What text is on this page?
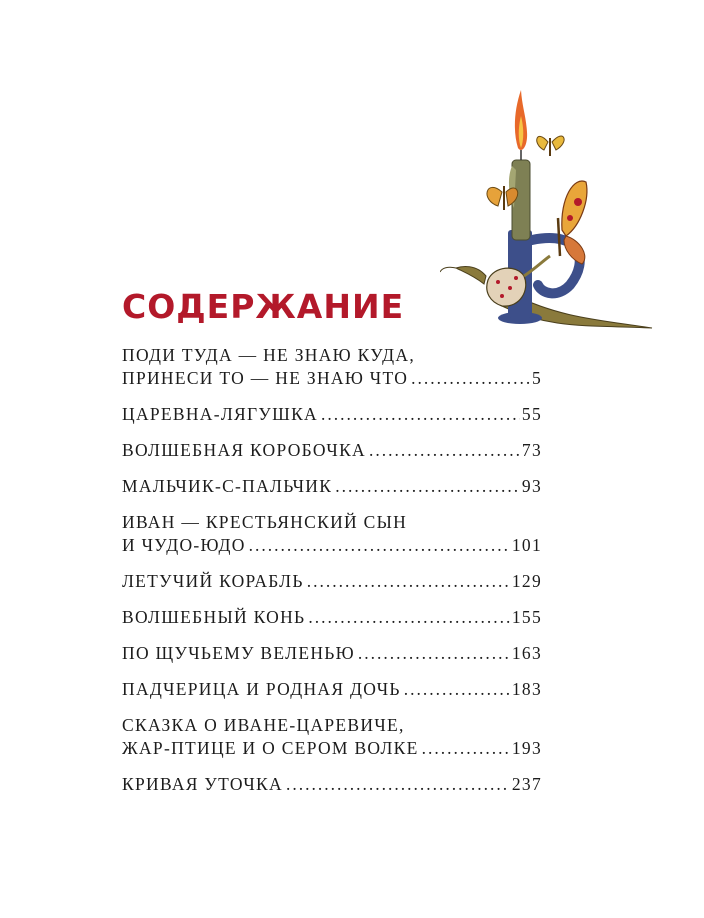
СОДЕРЖАНИЕ
ПОДИ ТУДА — НЕ ЗНАЮ КУДА,
ПРИНЕСИ ТО — НЕ ЗНАЮ ЧТО .....	5
ЦАРЕВНА-ЛЯГУШКА .....	55
ВОЛШЕБНАЯ КОРОБОЧКА .....	73
МАЛЬЧИК-С-ПАЛЬЧИК .....	93
ИВАН — КРЕСТЬЯНСКИЙ СЫН
И ЧУДО-ЮДО .....	101
ЛЕТУЧИЙ КОРАБЛЬ .....	129
ВОЛШЕБНЫЙ КОНЬ .....	155
ПО ЩУЧЬЕМУ ВЕЛЕНЬЮ .....	163
ПАДЧЕРИЦА И РОДНАЯ ДОЧЬ .....	183
СКАЗКА О ИВАНЕ-ЦАРЕВИЧЕ,
ЖАР-ПТИЦЕ И О СЕРОМ ВОЛКЕ .....	193
КРИВАЯ УТОЧКА .....	237
